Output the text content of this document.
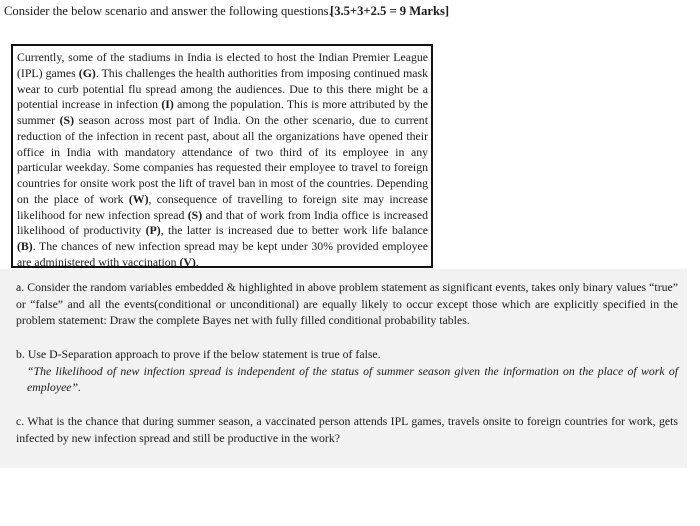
Consider the below scenario and answer the following questions.
[3.5+3+2.5 = 9 Marks]
Currently, some of the stadiums in India is elected to host the Indian Premier League (IPL) games (G). This challenges the health authorities from imposing continued mask wear to curb potential flu spread among the audiences. Due to this there might be a potential increase in infection (I) among the population. This is more attributed by the summer (S) season across most part of India. On the other scenario, due to current reduction of the infection in recent past, about all the organizations have opened their office in India with mandatory attendance of two third of its employee in any particular weekday. Some companies has requested their employee to travel to foreign countries for onsite work post the lift of travel ban in most of the countries. Depending on the place of work (W), consequence of travelling to foreign site may increase likelihood for new infection spread (S) and that of work from India office is increased likelihood of productivity (P), the latter is increased due to better work life balance (B). The chances of new infection spread may be kept under 30% provided employee are administered with vaccination (V).
a. Consider the random variables embedded & highlighted in above problem statement as significant events, takes only binary values “true” or “false” and all the events(conditional or unconditional) are equally likely to occur except those which are explicitly specified in the problem statement: Draw the complete Bayes net with fully filled conditional probability tables.
b. Use D-Separation approach to prove if the below statement is true of false.
“The likelihood of new infection spread is independent of the status of summer season given the information on the place of work of employee”.
c. What is the chance that during summer season, a vaccinated person attends IPL games, travels onsite to foreign countries for work, gets infected by new infection spread and still be productive in the work?
